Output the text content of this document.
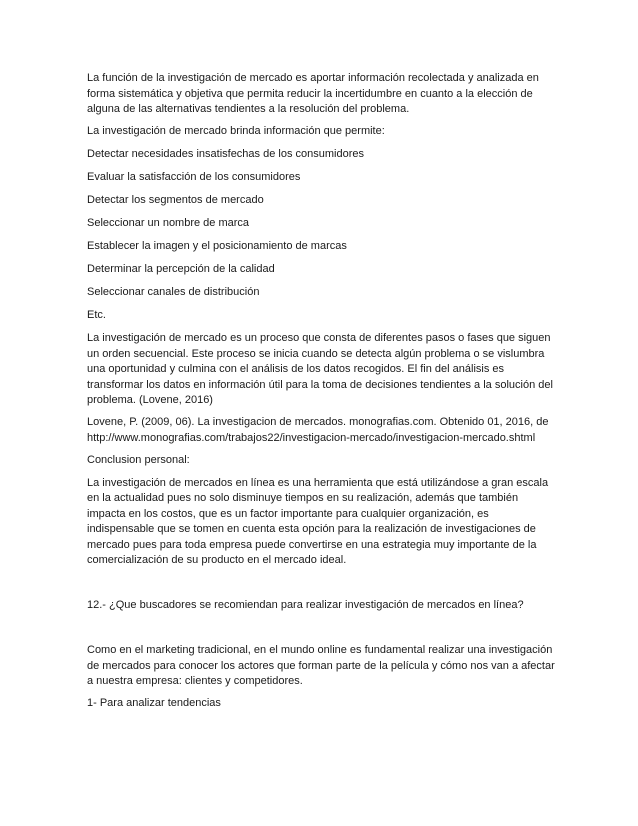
La función de la investigación de mercado es aportar información recolectada y analizada en forma sistemática y objetiva que permita reducir la incertidumbre en cuanto a la elección de alguna de las alternativas tendientes a la resolución del problema.

La investigación de mercado brinda información que permite:

Detectar necesidades insatisfechas de los consumidores

Evaluar la satisfacción de los consumidores

Detectar los segmentos de mercado

Seleccionar un nombre de marca

Establecer la imagen y el posicionamiento de marcas

Determinar la percepción de la calidad

Seleccionar canales de distribución

Etc.

La investigación de mercado es un proceso que consta de diferentes pasos o fases que siguen un orden secuencial. Este proceso se inicia cuando se detecta algún problema o se vislumbra una oportunidad y culmina con el análisis de los datos recogidos. El fin del análisis es transformar los datos en información útil para la toma de decisiones tendientes a la solución del problema. (Lovene, 2016)

Lovene, P. (2009, 06). La investigacion de mercados. monografias.com. Obtenido 01, 2016, de http://www.monografias.com/trabajos22/investigacion-mercado/investigacion-mercado.shtml

Conclusion personal:

La investigación de mercados en línea es una herramienta que está utilizándose a gran escala en la actualidad pues no solo disminuye tiempos en su realización, además que también impacta en los costos, que es un factor importante para cualquier organización, es indispensable que se tomen en cuenta esta opción para la realización de investigaciones de mercado pues para toda empresa puede convertirse en una estrategia muy importante de la comercialización de su producto en el mercado ideal.

12.- ¿Que buscadores se recomiendan para realizar investigación de mercados en línea?

Como en el marketing tradicional, en el mundo online es fundamental realizar una investigación de mercados para conocer los actores que forman parte de la película y cómo nos van a afectar a nuestra empresa: clientes y competidores.

1- Para analizar tendencias
